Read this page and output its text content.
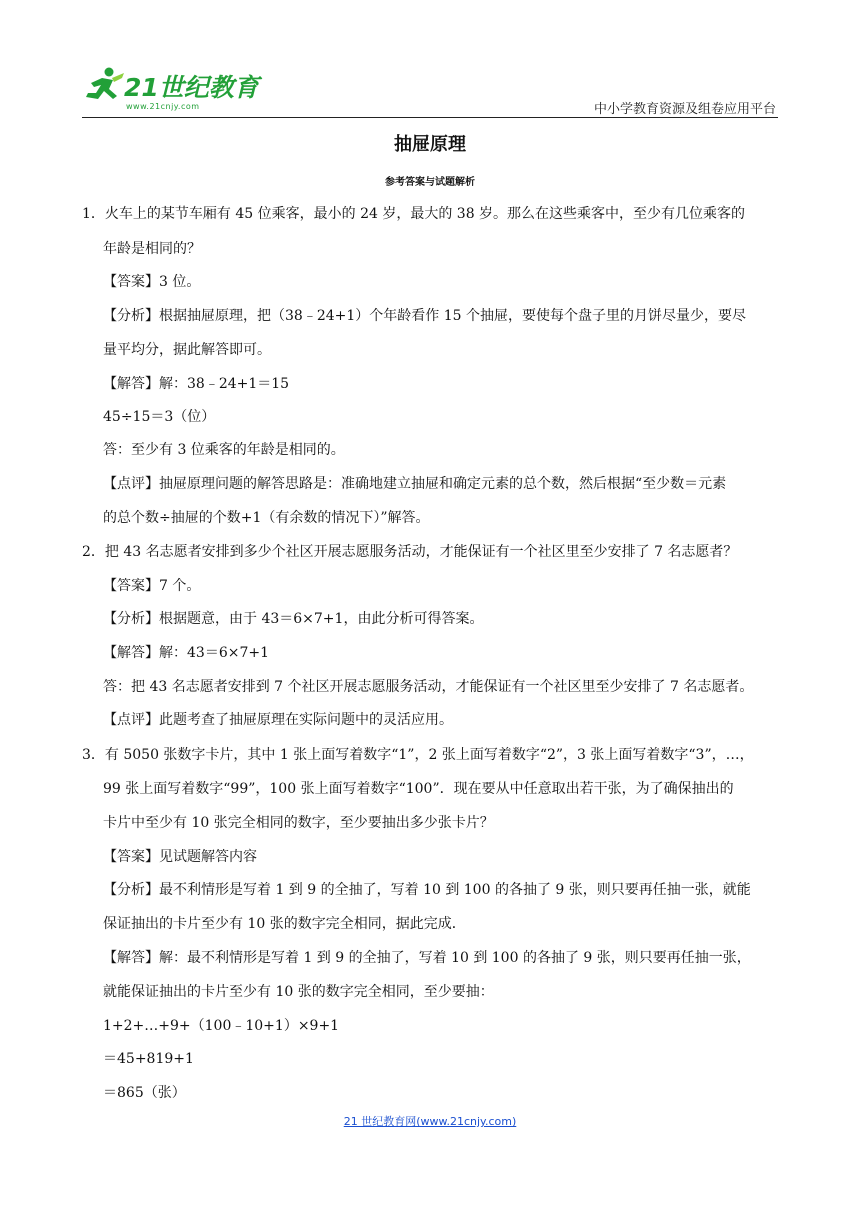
21世纪教育
www.21cnjy.com	中小学教育资源及组卷应用平台
抽屉原理
参考答案与试题解析
1．火车上的某节车厢有 45 位乘客，最小的 24 岁，最大的 38 岁。那么在这些乘客中，至少有几位乘客的
年龄是相同的？
【答案】3 位。
【分析】根据抽屉原理，把（38﹣24+1）个年龄看作 15 个抽屉，要使每个盘子里的月饼尽量少，要尽
量平均分，据此解答即可。
【解答】解：38﹣24+1＝15
45÷15＝3（位）
答：至少有 3 位乘客的年龄是相同的。
【点评】抽屉原理问题的解答思路是：准确地建立抽屉和确定元素的总个数，然后根据“至少数＝元素
的总个数÷抽屉的个数+1（有余数的情况下）”解答。
2．把 43 名志愿者安排到多少个社区开展志愿服务活动，才能保证有一个社区里至少安排了 7 名志愿者？
【答案】7 个。
【分析】根据题意，由于 43＝6×7+1，由此分析可得答案。
【解答】解：43＝6×7+1
答：把 43 名志愿者安排到 7 个社区开展志愿服务活动，才能保证有一个社区里至少安排了 7 名志愿者。
【点评】此题考查了抽屉原理在实际问题中的灵活应用。
3．有 5050 张数字卡片，其中 1 张上面写着数字“1”，2 张上面写着数字“2”，3 张上面写着数字“3”，…，
99 张上面写着数字“99”，100 张上面写着数字“100”．现在要从中任意取出若干张，为了确保抽出的
卡片中至少有 10 张完全相同的数字，至少要抽出多少张卡片？
【答案】见试题解答内容
【分析】最不利情形是写着 1 到 9 的全抽了，写着 10 到 100 的各抽了 9 张，则只要再任抽一张，就能
保证抽出的卡片至少有 10 张的数字完全相同，据此完成．
【解答】解：最不利情形是写着 1 到 9 的全抽了，写着 10 到 100 的各抽了 9 张，则只要再任抽一张，
就能保证抽出的卡片至少有 10 张的数字完全相同，至少要抽：
1+2+…+9+（100﹣10+1）×9+1
＝45+819+1
＝865（张）
21 世纪教育网(www.21cnjy.com)
